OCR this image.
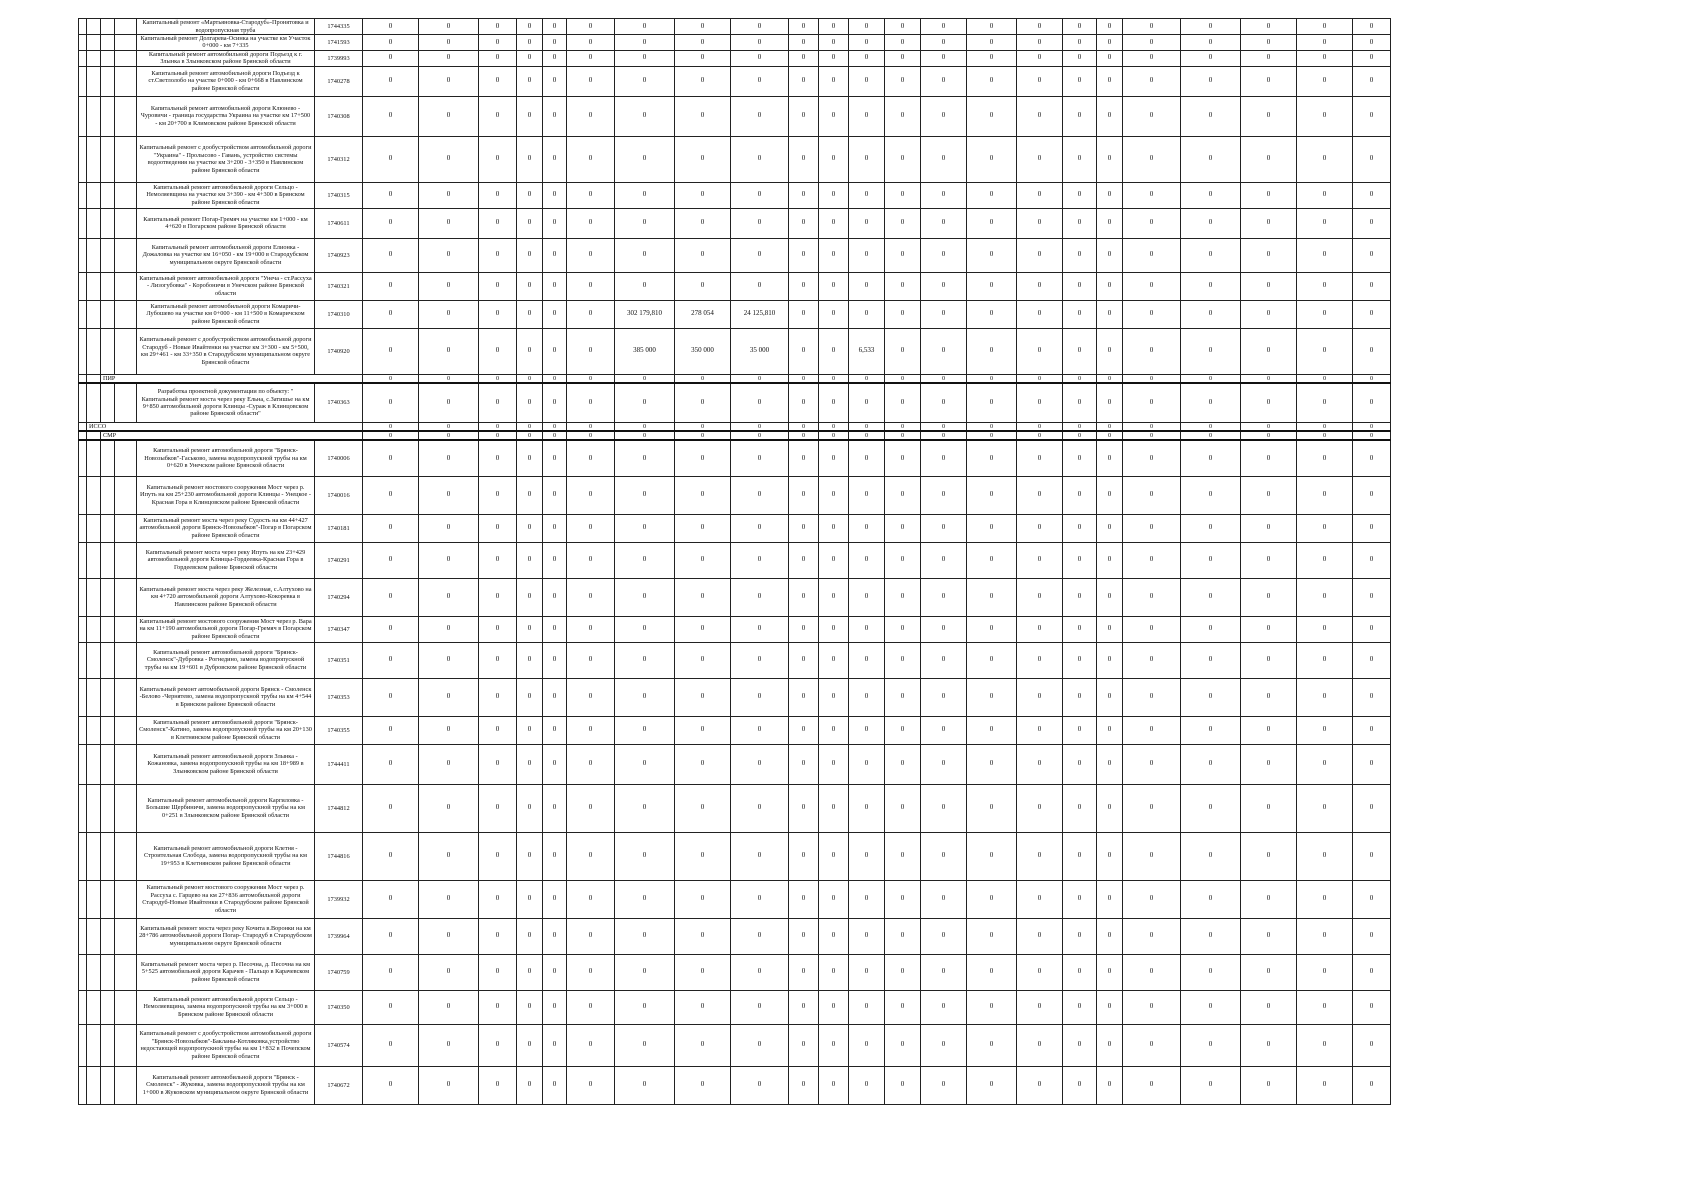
				Капитальный ремонт «Мартьяновка-Стародуб»-Пронятовка и водопропускная труба	1744335	0	0	0	0	0	0	0	0	0	0	0	0	0	0	0	0	0	0	0	0	0	0	0
				Капитальный ремонт Долгарева-Осинка на участке км Участок 0+000 - км 7+335	1741593	0	0	0	0	0	0	0	0	0	0	0	0	0	0	0	0	0	0	0	0	0	0	0
				Капитальный ремонт автомобильной дороги Подъезд к г. Злынка в Злынковском районе Брянской области	1739993	0	0	0	0	0	0	0	0	0	0	0	0	0	0	0	0	0	0	0	0	0	0	0
				Капитальный ремонт автомобильной дороги Подъезд к ст.Светлолобо на участке 0+000 - км 0+668 в Навлинском районе Брянской области	1740278	0	0	0	0	0	0	0	0	0	0	0	0	0	0	0	0	0	0	0	0	0	0	0
				Капитальный ремонт автомобильной дороги Клюнево - Чуровичи - граница государства Украина на участке км 17+500 - км 20+700 в Климовском районе Брянской области	1740308	0	0	0	0	0	0	0	0	0	0	0	0	0	0	0	0	0	0	0	0	0	0	0
				Капитальный ремонт с дообустройством автомобильной дороги "Украина" - Пролысово - Гавань, устройство системы водоотведения на участке км 3+200 - 3+350 в Навлинском районе Брянской области	1740312	0	0	0	0	0	0	0	0	0	0	0	0	0	0	0	0	0	0	0	0	0	0	0
				Капитальный ремонт автомобильной дороги Сельцо - Немоляевщина на участке км 3+390 - км 4+300 в Брянском районе Брянской области	1740315	0	0	0	0	0	0	0	0	0	0	0	0	0	0	0	0	0	0	0	0	0	0	0
				Капитальный ремонт Погар-Гремяч на участке км 1+000 - км 4+620 в Погарском районе Брянской области	1740611	0	0	0	0	0	0	0	0	0	0	0	0	0	0	0	0	0	0	0	0	0	0	0
				Капитальный ремонт автомобильной дороги Елионка - Дожаловка на участке км 16+050 - км 19+000 в Стародубском муниципальном округе Брянской области	1740923	0	0	0	0	0	0	0	0	0	0	0	0	0	0	0	0	0	0	0	0	0	0	0
				Капитальный ремонт автомобильной дороги "Унеча - ст.Рассуха - Лизогубовка" - Коробоничи в Унечском районе Брянской области	1740321	0	0	0	0	0	0	0	0	0	0	0	0	0	0	0	0	0	0	0	0	0	0	0
				Капитальный ремонт автомобильной дороги Комаричи-Лубошево на участке км 0+000 - км 11+500 в Комаричском районе Брянской области	1740310	0	0	0	0	0	0	302 179,810	278 054	24 125,810	0	0	0	0	0	0	0	0	0	0	0	0	0	0
				Капитальный ремонт с дообустройством автомобильной дороги Стародуб - Новые Ивайтенки на участке км 3+300 - км 5+500, км 29+461 - км 33+350 в Стародубском муниципальном округе Брянской области	1740920	0	0	0	0	0	0	385 000	350 000	35 000	0	0	6,533	0	0	0	0	0	0	0	0	0	0	0
		ПИР				0	0	0	0	0	0	0	0	0	0	0	0	0	0	0	0	0	0	0	0	0	0	0
				Разработка проектной документации по объекту: " Капитальный ремонт моста через реку Ельна, с.Затишье на км 9+850 автомобильной дороги Клинцы -Сураж в Клинцовском районе Брянской области"	1740363	0	0	0	0	0	0	0	0	0	0	0	0	0	0	0	0	0	0	0	0	0	0	0
	ИССО					0	0	0	0	0	0	0	0	0	0	0	0	0	0	0	0	0	0	0	0	0	0	0
		СМР				0	0	0	0	0	0	0	0	0	0	0	0	0	0	0	0	0	0	0	0	0	0	0
				Капитальный ремонт автомобильной дороги "Брянск-Новозыбков"-Гаськово, замена водопропускной трубы на км 0+620 в Унечском районе Брянской области	1740006	0	0	0	0	0	0	0	0	0	0	0	0	0	0	0	0	0	0	0	0	0	0	0
				Капитальный ремонт мостового сооружения Мост через р. Ипуть на км 25+230 автомобильной дороги Клинцы - Унецкое - Красная Гора в Клинцовском районе Брянской области	1740016	0	0	0	0	0	0	0	0	0	0	0	0	0	0	0	0	0	0	0	0	0	0	0
				Капитальный ремонт моста через реку Судость на км 44+427 автомобильной дороги Брянск-Новозыбков"-Погар в Погарском районе Брянской области	1740181	0	0	0	0	0	0	0	0	0	0	0	0	0	0	0	0	0	0	0	0	0	0	0
				Капитальный ремонт моста через реку Ипуть на км 23+429 автомобильной дороги Клинцы-Гордеевка-Красная Гора в Гордеевском районе Брянской области	1740291	0	0	0	0	0	0	0	0	0	0	0	0	0	0	0	0	0	0	0	0	0	0	0
				Капитальный ремонт моста через реку Железная, с.Алтухово на км 4+720 автомобильной дороги Алтухово-Кокоревка в Навлинском районе Брянской области	1740294	0	0	0	0	0	0	0	0	0	0	0	0	0	0	0	0	0	0	0	0	0	0	0
				Капитальный ремонт мостового сооружения Мост через р. Вара на км 11+190 автомобильной дороги Погар-Гремяч в Погарском районе Брянской области	1740347	0	0	0	0	0	0	0	0	0	0	0	0	0	0	0	0	0	0	0	0	0	0	0
				Капитальный ремонт автомобильной дороги "Брянск-Смоленск"-Дубровка - Рогнедино, замена водопропускной трубы на км 19+601 в Дубровском районе Брянской области	1740351	0	0	0	0	0	0	0	0	0	0	0	0	0	0	0	0	0	0	0	0	0	0	0
				Капитальный ремонт автомобильной дороги Брянск - Смоленск -Белово -Чернятево, замена водопропускной трубы на км 4+544 в Брянском районе Брянской области	1740353	0	0	0	0	0	0	0	0	0	0	0	0	0	0	0	0	0	0	0	0	0	0	0
				Капитальный ремонт автомобильной дороги "Брянск-Смоленск"-Катино, замена водопропускной трубы на км 20+130 в Клетнянском районе Брянской области	1740355	0	0	0	0	0	0	0	0	0	0	0	0	0	0	0	0	0	0	0	0	0	0	0
				Капитальный ремонт автомобильной дороги Злынка - Кожановка, замена водопропускной трубы на км 18+989 в Злынковском районе Брянской области	1744411	0	0	0	0	0	0	0	0	0	0	0	0	0	0	0	0	0	0	0	0	0	0	0
				Капитальный ремонт автомобильной дороги Каргиловка - Большие Щербиничи, замена водопропускной трубы на км 0+251 в Злынковском районе Брянской области	1744812	0	0	0	0	0	0	0	0	0	0	0	0	0	0	0	0	0	0	0	0	0	0	0
				Капитальный ремонт автомобильной дороги Клетня - Строительная Слобода, замена водопропускной трубы на км 19+953 в Клетнянском районе Брянской области	1744816	0	0	0	0	0	0	0	0	0	0	0	0	0	0	0	0	0	0	0	0	0	0	0
				Капитальный ремонт мостового сооружения Мост через р. Рассуха с. Гарцево на км 27+836 автомобильной дороги Стародуб-Новые Ивайтенки в Стародубском районе Брянской области	1739932	0	0	0	0	0	0	0	0	0	0	0	0	0	0	0	0	0	0	0	0	0	0	0
				Капитальный ремонт моста через реку Кочита в.Воронки на км 28+786 автомобильной дороги Погар- Стародуб в Стародубском муниципальном округе Брянской области	1739964	0	0	0	0	0	0	0	0	0	0	0	0	0	0	0	0	0	0	0	0	0	0	0
				Капитальный ремонт моста через р. Песочна, д. Песочна на км 5+525 автомобильной дороги Карачев - Пальцо в Карачевском районе Брянской области	1740759	0	0	0	0	0	0	0	0	0	0	0	0	0	0	0	0	0	0	0	0	0	0	0
				Капитальный ремонт автомобильной дороги Сельцо - Немоляевщина, замена водопропускной трубы на км 3+000 в Брянском районе Брянской области	1740350	0	0	0	0	0	0	0	0	0	0	0	0	0	0	0	0	0	0	0	0	0	0	0
				Капитальный ремонт с дообустройством автомобильной дороги "Брянск-Новозыбков"-Бакланы-Котляковка,устройство недостающей водопропускной трубы на км 1+832 в Почепском районе Брянской области	1740574	0	0	0	0	0	0	0	0	0	0	0	0	0	0	0	0	0	0	0	0	0	0	0
				Капитальный ремонт автомобильной дороги "Брянск - Смоленск" - Жуковка, замена водопропускной трубы на км 1+000 в Жуковском муниципальном округе Брянской области	1740672	0	0	0	0	0	0	0	0	0	0	0	0	0	0	0	0	0	0	0	0	0	0	0
